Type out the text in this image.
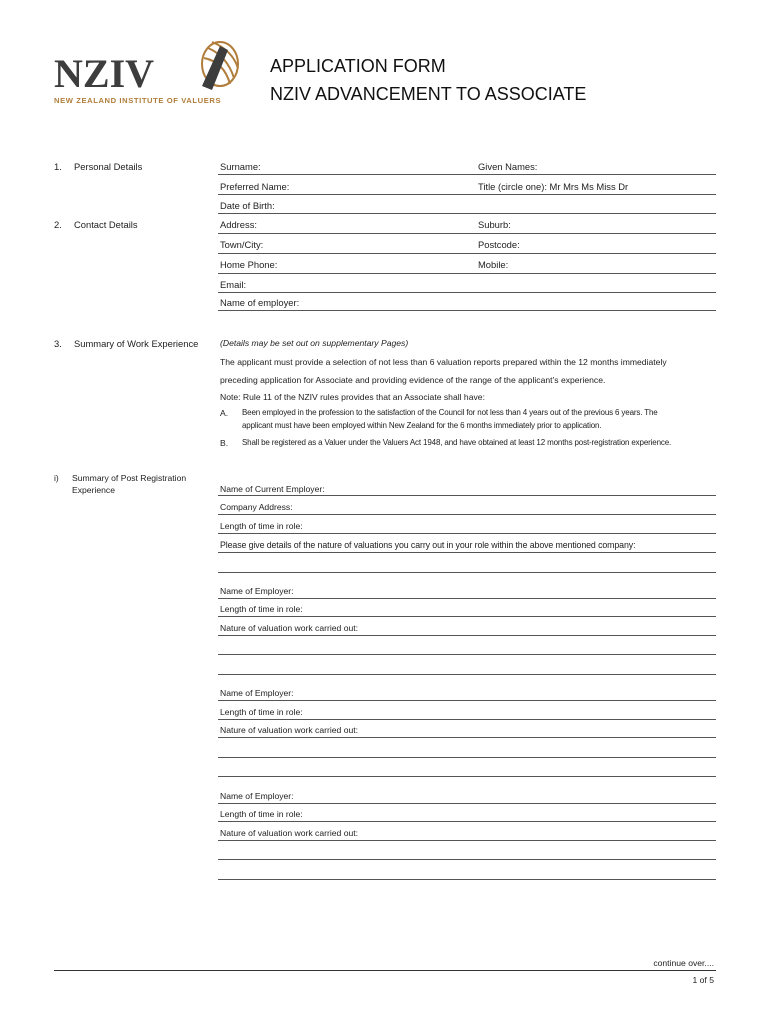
NZIV
NEW ZEALAND INSTITUTE OF VALUERS
APPLICATION FORM
NZIV ADVANCEMENT TO ASSOCIATE
1. Personal Details	Surname:	Given Names:
Preferred Name:	Title (circle one): Mr Mrs Ms Miss Dr
Date of Birth:
2. Contact Details	Address:	Suburb:
Town/City:	Postcode:
Home Phone:	Mobile:
Email:
Name of employer:
3. Summary of Work Experience	(Details may be set out on supplementary Pages)
The applicant must provide a selection of not less than 6 valuation reports prepared within the 12 months immediately
preceding application for Associate and providing evidence of the range of the applicant’s experience.
Note: Rule 11 of the NZIV rules provides that an Associate shall have:
A. Been employed in the profession to the satisfaction of the Council for not less than 4 years out of the previous 6 years. The
applicant must have been employed within New Zealand for the 6 months immediately prior to application.
B. Shall be registered as a Valuer under the Valuers Act 1948, and have obtained at least 12 months post-registration experience.
i) Summary of Post Registration
Experience	Name of Current Employer:
Company Address:
Length of time in role:
Please give details of the nature of valuations you carry out in your role within the above mentioned company:
Name of Employer:
Length of time in role:
Nature of valuation work carried out:
Name of Employer:
Length of time in role:
Nature of valuation work carried out:
Name of Employer:
Length of time in role:
Nature of valuation work carried out:
continue over....
1 of 5
